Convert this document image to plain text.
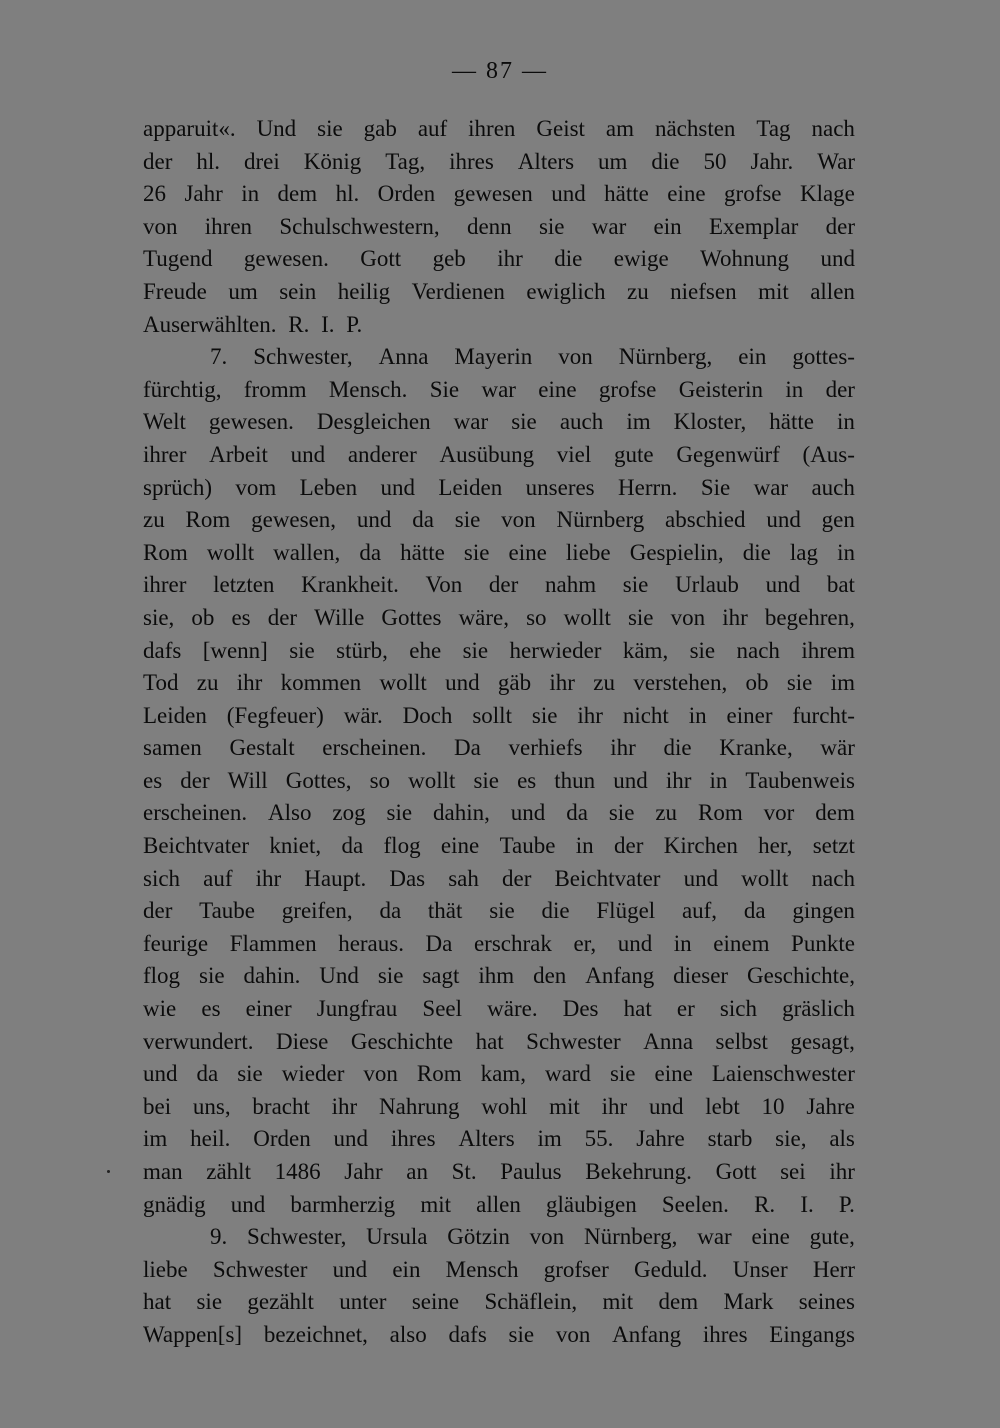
— 87 —
apparuit«. Und sie gab auf ihren Geist am nächsten Tag nach
der hl. drei König Tag, ihres Alters um die 50 Jahr. War
26 Jahr in dem hl. Orden gewesen und hätte eine grofse Klage
von ihren Schulschwestern, denn sie war ein Exemplar der
Tugend gewesen. Gott geb ihr die ewige Wohnung und
Freude um sein heilig Verdienen ewiglich zu niefsen mit allen
Auserwählten.
R.
I.
P.
7. Schwester, Anna Mayerin von Nürnberg, ein gottes-
fürchtig, fromm Mensch. Sie war eine grofse Geisterin in der
Welt gewesen. Desgleichen war sie auch im Kloster, hätte in
ihrer Arbeit und anderer Ausübung viel gute Gegenwürf (Aus-
sprüch) vom Leben und Leiden unseres Herrn. Sie war auch
zu Rom gewesen, und da sie von Nürnberg abschied und gen
Rom wollt wallen, da hätte sie eine liebe Gespielin, die lag in
ihrer letzten Krankheit. Von der nahm sie Urlaub und bat
sie, ob es der Wille Gottes wäre, so wollt sie von ihr begehren,
dafs [wenn] sie stürb, ehe sie herwieder käm, sie nach ihrem
Tod zu ihr kommen wollt und gäb ihr zu verstehen, ob sie im
Leiden (Fegfeuer) wär. Doch sollt sie ihr nicht in einer furcht-
samen Gestalt erscheinen. Da verhiefs ihr die Kranke, wär
es der Will Gottes, so wollt sie es thun und ihr in Taubenweis
erscheinen. Also zog sie dahin, und da sie zu Rom vor dem
Beichtvater kniet, da flog eine Taube in der Kirchen her, setzt
sich auf ihr Haupt. Das sah der Beichtvater und wollt nach
der Taube greifen, da thät sie die Flügel auf, da gingen
feurige Flammen heraus. Da erschrak er, und in einem Punkte
flog sie dahin. Und sie sagt ihm den Anfang dieser Geschichte,
wie es einer Jungfrau Seel wäre. Des hat er sich gräslich
verwundert. Diese Geschichte hat Schwester Anna selbst gesagt,
und da sie wieder von Rom kam, ward sie eine Laienschwester
bei uns, bracht ihr Nahrung wohl mit ihr und lebt 10 Jahre
im heil. Orden und ihres Alters im 55. Jahre starb sie, als
man zählt 1486 Jahr an St. Paulus Bekehrung. Gott sei ihr
gnädig und barmherzig mit allen gläubigen Seelen. R. I. P.
9. Schwester, Ursula Götzin von Nürnberg, war eine gute,
liebe Schwester und ein Mensch grofser Geduld. Unser Herr
hat sie gezählt unter seine Schäflein, mit dem Mark seines
Wappen[s] bezeichnet, also dafs sie von Anfang ihres Eingangs
